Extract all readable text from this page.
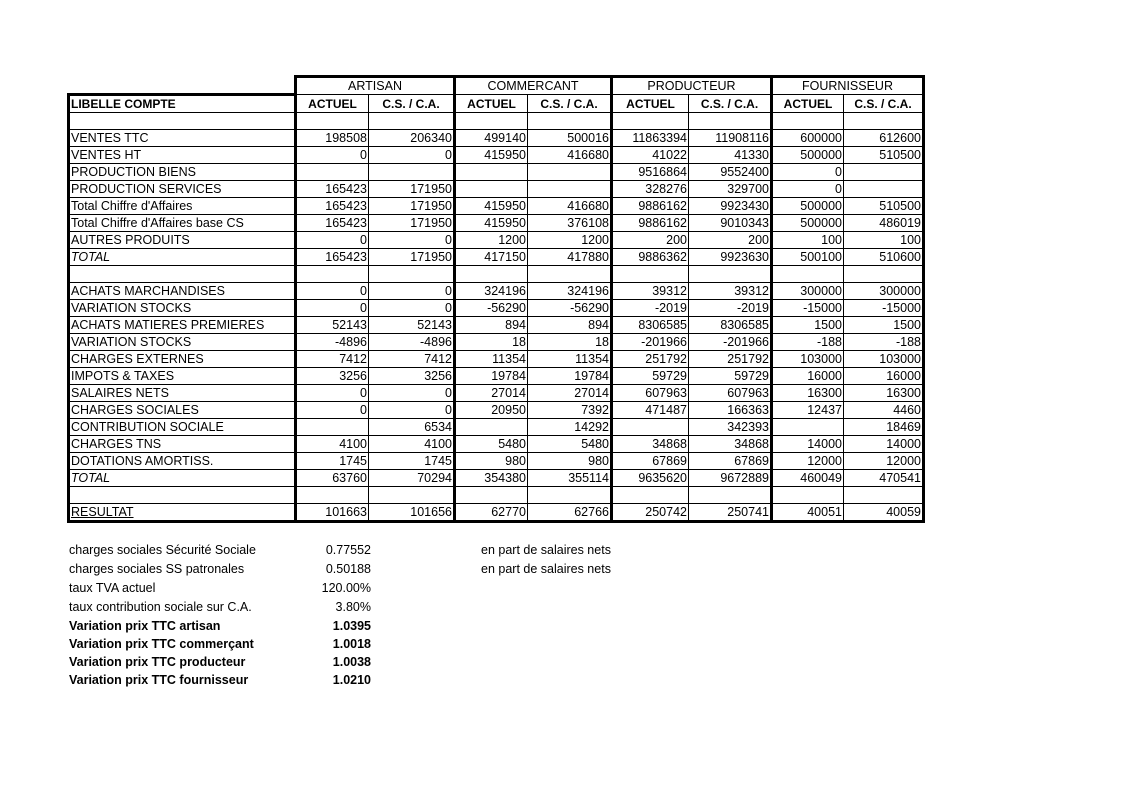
	ARTISAN		COMMERCANT		PRODUCTEUR		FOURNISSEUR	
LIBELLE COMPTE	ACTUEL	C.S. / C.A.	ACTUEL	C.S. / C.A.	ACTUEL	C.S. / C.A.	ACTUEL	C.S. / C.A.

VENTES TTC	198508	206340	499140	500016	11863394	11908116	600000	612600
VENTES HT	0	0	415950	416680	41022	41330	500000	510500
PRODUCTION BIENS					9516864	9552400	0	
PRODUCTION SERVICES	165423	171950			328276	329700	0	
Total Chiffre d'Affaires	165423	171950	415950	416680	9886162	9923430	500000	510500
Total Chiffre d'Affaires base CS	165423	171950	415950	376108	9886162	9010343	500000	486019
AUTRES PRODUITS	0	0	1200	1200	200	200	100	100
TOTAL	165423	171950	417150	417880	9886362	9923630	500100	510600

ACHATS MARCHANDISES	0	0	324196	324196	39312	39312	300000	300000
VARIATION STOCKS	0	0	-56290	-56290	-2019	-2019	-15000	-15000
ACHATS MATIERES PREMIERES	52143	52143	894	894	8306585	8306585	1500	1500
VARIATION STOCKS	-4896	-4896	18	18	-201966	-201966	-188	-188
CHARGES EXTERNES	7412	7412	11354	11354	251792	251792	103000	103000
IMPOTS & TAXES	3256	3256	19784	19784	59729	59729	16000	16000
SALAIRES NETS	0	0	27014	27014	607963	607963	16300	16300
CHARGES SOCIALES	0	0	20950	7392	471487	166363	12437	4460
CONTRIBUTION SOCIALE		6534		14292		342393		18469
CHARGES TNS	4100	4100	5480	5480	34868	34868	14000	14000
DOTATIONS AMORTISS.	1745	1745	980	980	67869	67869	12000	12000
TOTAL	63760	70294	354380	355114	9635620	9672889	460049	470541

RESULTAT	101663	101656	62770	62766	250742	250741	40051	40059
charges sociales Sécurité Sociale	0.77552		en part de salaires nets
charges sociales SS patronales	0.50188		en part de salaires nets
taux TVA actuel	120.00%		
taux contribution sociale sur C.A.	3.80%		
Variation prix TTC artisan	1.0395		
Variation prix TTC commerçant	1.0018		
Variation prix TTC producteur	1.0038		
Variation prix TTC fournisseur	1.0210		
